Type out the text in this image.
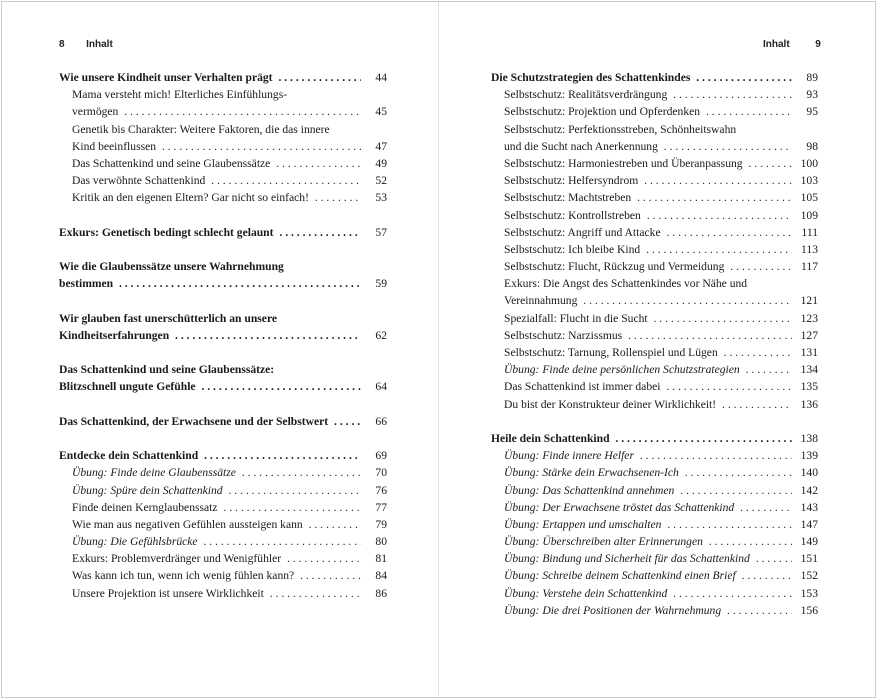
8 Inhalt	Inhalt	9
Wie unsere Kindheit unser Verhalten prägt . . .	44
Mama versteht mich! Elterliches Einfühlungs-
vermögen . . .	45
Genetik bis Charakter: Weitere Faktoren, die das innere
Kind beeinflussen . . .	47
Das Schattenkind und seine Glaubenssätze . . .	49
Das verwöhnte Schattenkind . . .	52
Kritik an den eigenen Eltern? Gar nicht so einfach! . . .	53
Exkurs: Genetisch bedingt schlecht gelaunt . . .	57
Wie die Glaubenssätze unsere Wahrnehmung
bestimmen . . .	59
Wir glauben fast unerschütterlich an unsere
Kindheitserfahrungen . . .	62
Das Schattenkind und seine Glaubenssätze:
Blitzschnell ungute Gefühle . . .	64
Das Schattenkind, der Erwachsene und der Selbstwert . . .	66
Entdecke dein Schattenkind . . .	69
Übung: Finde deine Glaubenssätze . . .	70
Übung: Spüre dein Schattenkind . . .	76
Finde deinen Kernglaubenssatz . . .	77
Wie man aus negativen Gefühlen aussteigen kann . . .	79
Übung: Die Gefühlsbrücke . . .	80
Exkurs: Problemverdränger und Wenigfühler . . .	81
Was kann ich tun, wenn ich wenig fühlen kann? . . .	84
Unsere Projektion ist unsere Wirklichkeit . . .	86
Die Schutzstrategien des Schattenkindes . . .	89
Selbstschutz: Realitätsverdrängung . . .	93
Selbstschutz: Projektion und Opferdenken . . .	95
Selbstschutz: Perfektionsstreben, Schönheitswahn
und die Sucht nach Anerkennung . . .	98
Selbstschutz: Harmoniestreben und Überanpassung . . .	100
Selbstschutz: Helfersyndrom . . .	103
Selbstschutz: Machtstreben . . .	105
Selbstschutz: Kontrollstreben . . .	109
Selbstschutz: Angriff und Attacke . . .	111
Selbstschutz: Ich bleibe Kind . . .	113
Selbstschutz: Flucht, Rückzug und Vermeidung . . .	117
Exkurs: Die Angst des Schattenkindes vor Nähe und
Vereinnahmung . . .	121
Spezialfall: Flucht in die Sucht . . .	123
Selbstschutz: Narzissmus . . .	127
Selbstschutz: Tarnung, Rollenspiel und Lügen . . .	131
Übung: Finde deine persönlichen Schutzstrategien . . .	134
Das Schattenkind ist immer dabei . . .	135
Du bist der Konstrukteur deiner Wirklichkeit! . . .	136
Heile dein Schattenkind . . .	138
Übung: Finde innere Helfer . . .	139
Übung: Stärke dein Erwachsenen-Ich . . .	140
Übung: Das Schattenkind annehmen . . .	142
Übung: Der Erwachsene tröstet das Schattenkind . . .	143
Übung: Ertappen und umschalten . . .	147
Übung: Überschreiben alter Erinnerungen . . .	149
Übung: Bindung und Sicherheit für das Schattenkind . . .	151
Übung: Schreibe deinem Schattenkind einen Brief . . .	152
Übung: Verstehe dein Schattenkind . . .	153
Übung: Die drei Positionen der Wahrnehmung . . .	156
